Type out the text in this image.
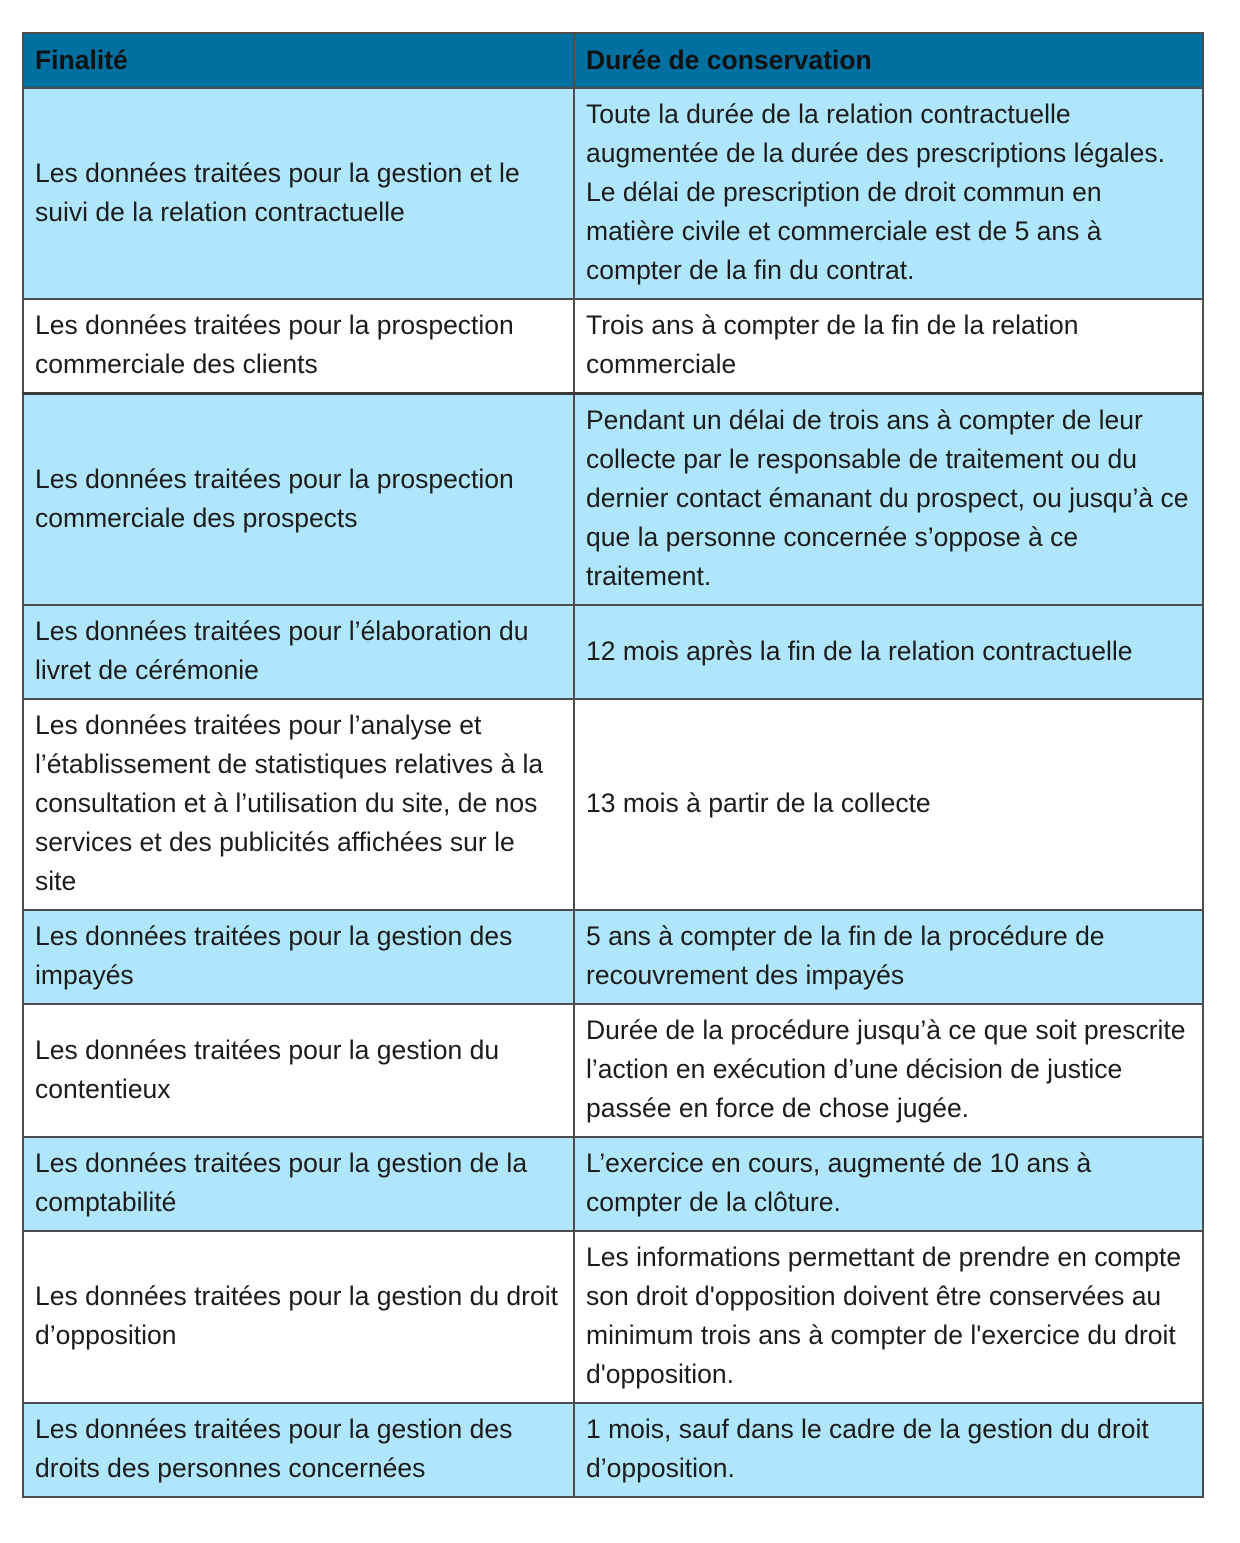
Finalité	Durée de conservation
Les données traitées pour la gestion et le suivi de la relation contractuelle	Toute la durée de la relation contractuelle augmentée de la durée des prescriptions légales. Le délai de prescription de droit commun en matière civile et commerciale est de 5 ans à compter de la fin du contrat.
Les données traitées pour la prospection commerciale des clients	Trois ans à compter de la fin de la relation commerciale
Les données traitées pour la prospection commerciale des prospects	Pendant un délai de trois ans à compter de leur collecte par le responsable de traitement ou du dernier contact émanant du prospect, ou jusqu’à ce que la personne concernée s’oppose à ce traitement.
Les données traitées pour l’élaboration du livret de cérémonie	12 mois après la fin de la relation contractuelle
Les données traitées pour l’analyse et l’établissement de statistiques relatives à la consultation et à l’utilisation du site, de nos services et des publicités affichées sur le site	13 mois à partir de la collecte
Les données traitées pour la gestion des impayés	5 ans à compter de la fin de la procédure de recouvrement des impayés
Les données traitées pour la gestion du contentieux	Durée de la procédure jusqu’à ce que soit prescrite l’action en exécution d’une décision de justice passée en force de chose jugée.
Les données traitées pour la gestion de la comptabilité	L’exercice en cours, augmenté de 10 ans à compter de la clôture.
Les données traitées pour la gestion du droit d’opposition	Les informations permettant de prendre en compte son droit d'opposition doivent être conservées au minimum trois ans à compter de l'exercice du droit d'opposition.
Les données traitées pour la gestion des droits des personnes concernées	1 mois, sauf dans le cadre de la gestion du droit d’opposition.
